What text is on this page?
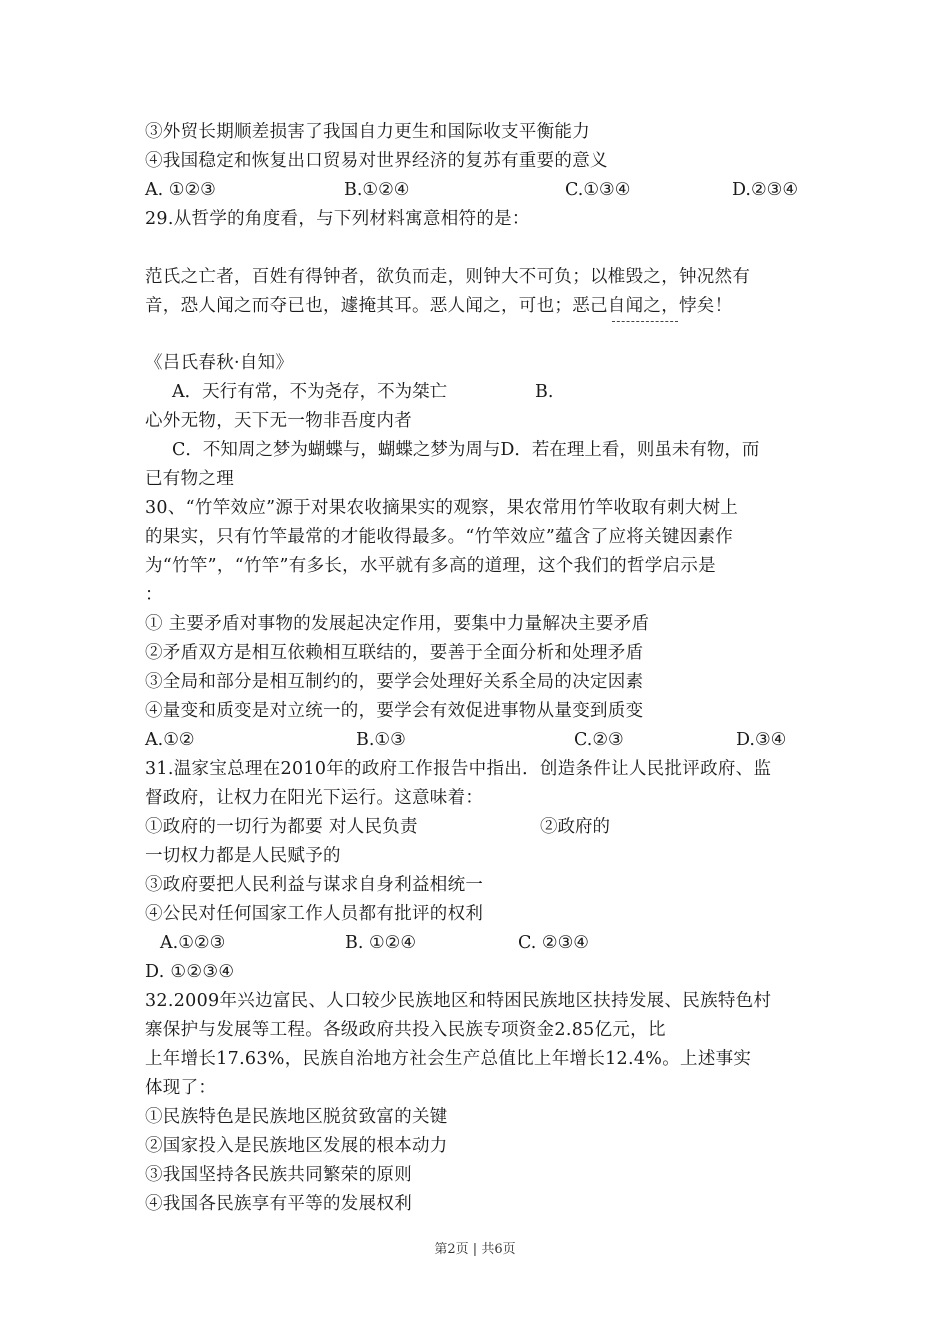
③外贸长期顺差损害了我国自力更生和国际收支平衡能力
④我国稳定和恢复出口贸易对世界经济的复苏有重要的意义
A. ①②③	B.①②④	C.①③④	D.②③④
29.从哲学的角度看，与下列材料寓意相符的是：
范氏之亡者，百姓有得钟者，欲负而走，则钟大不可负；以椎毁之，钟况然有
音，恐人闻之而夺已也，遽掩其耳。恶人闻之，可也；恶己自闻之，悖矣！
《吕氏春秋·自知》
A．天行有常，不为尧存，不为桀亡	B.
心外无物，天下无一物非吾度内者
C．不知周之梦为蝴蝶与，蝴蝶之梦为周与D．若在理上看，则虽未有物，而
已有物之理
30、“竹竿效应”源于对果农收摘果实的观察，果农常用竹竿收取有刺大树上
的果实，只有竹竿最常的才能收得最多。“竹竿效应”蕴含了应将关键因素作
为“竹竿”，“竹竿”有多长，水平就有多高的道理，这个我们的哲学启示是
：
① 主要矛盾对事物的发展起决定作用，要集中力量解决主要矛盾
②矛盾双方是相互依赖相互联结的，要善于全面分析和处理矛盾
③全局和部分是相互制约的，要学会处理好关系全局的决定因素
④量变和质变是对立统一的，要学会有效促进事物从量变到质变
A.①②	B.①③	C.②③	D.③④
31.温家宝总理在2010年的政府工作报告中指出．创造条件让人民批评政府、监
督政府，让权力在阳光下运行。这意味着：
①政府的一切行为都要 对人民负责	②政府的
一切权力都是人民赋予的
③政府要把人民利益与谋求自身利益相统一
④公民对任何国家工作人员都有批评的权利
A.①②③	B. ①②④	C. ②③④
D. ①②③④
32.2009年兴边富民、人口较少民族地区和特困民族地区扶持发展、民族特色村
寨保护与发展等工程。各级政府共投入民族专项资金2.85亿元，比
上年增长17.63%，民族自治地方社会生产总值比上年增长12.4%。上述事实
体现了：
①民族特色是民族地区脱贫致富的关键
②国家投入是民族地区发展的根本动力
③我国坚持各民族共同繁荣的原则
④我国各民族享有平等的发展权利
第2页 | 共6页
